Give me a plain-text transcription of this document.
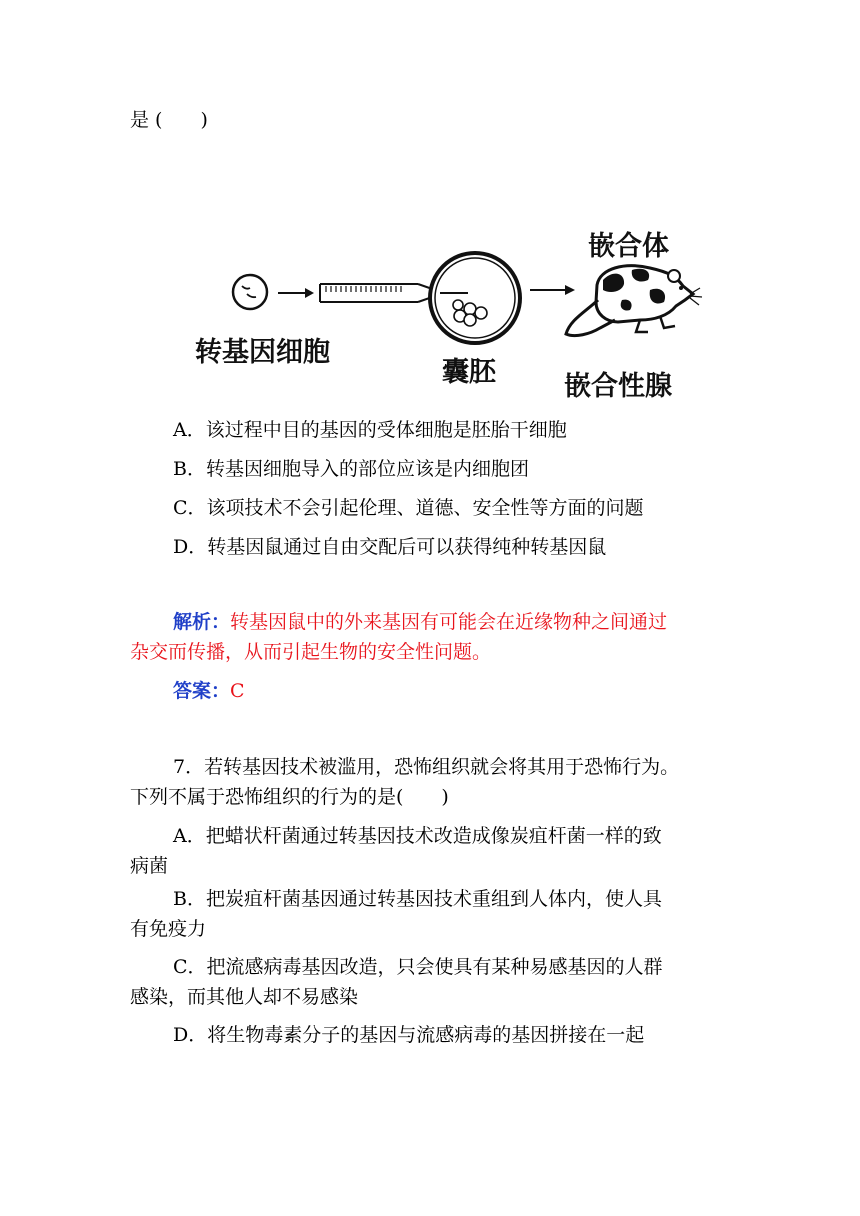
是 (　　)
转基因细胞
囊胚
嵌合体
嵌合性腺
A．该过程中目的基因的受体细胞是胚胎干细胞
B．转基因细胞导入的部位应该是内细胞团
C．该项技术不会引起伦理、道德、安全性等方面的问题
D．转基因鼠通过自由交配后可以获得纯种转基因鼠
解析：转基因鼠中的外来基因有可能会在近缘物种之间通过
杂交而传播，从而引起生物的安全性问题。
答案：C
7．若转基因技术被滥用，恐怖组织就会将其用于恐怖行为。
下列不属于恐怖组织的行为的是(　　)
A．把蜡状杆菌通过转基因技术改造成像炭疽杆菌一样的致
病菌
B．把炭疽杆菌基因通过转基因技术重组到人体内，使人具
有免疫力
C．把流感病毒基因改造，只会使具有某种易感基因的人群
感染，而其他人却不易感染
D．将生物毒素分子的基因与流感病毒的基因拼接在一起
